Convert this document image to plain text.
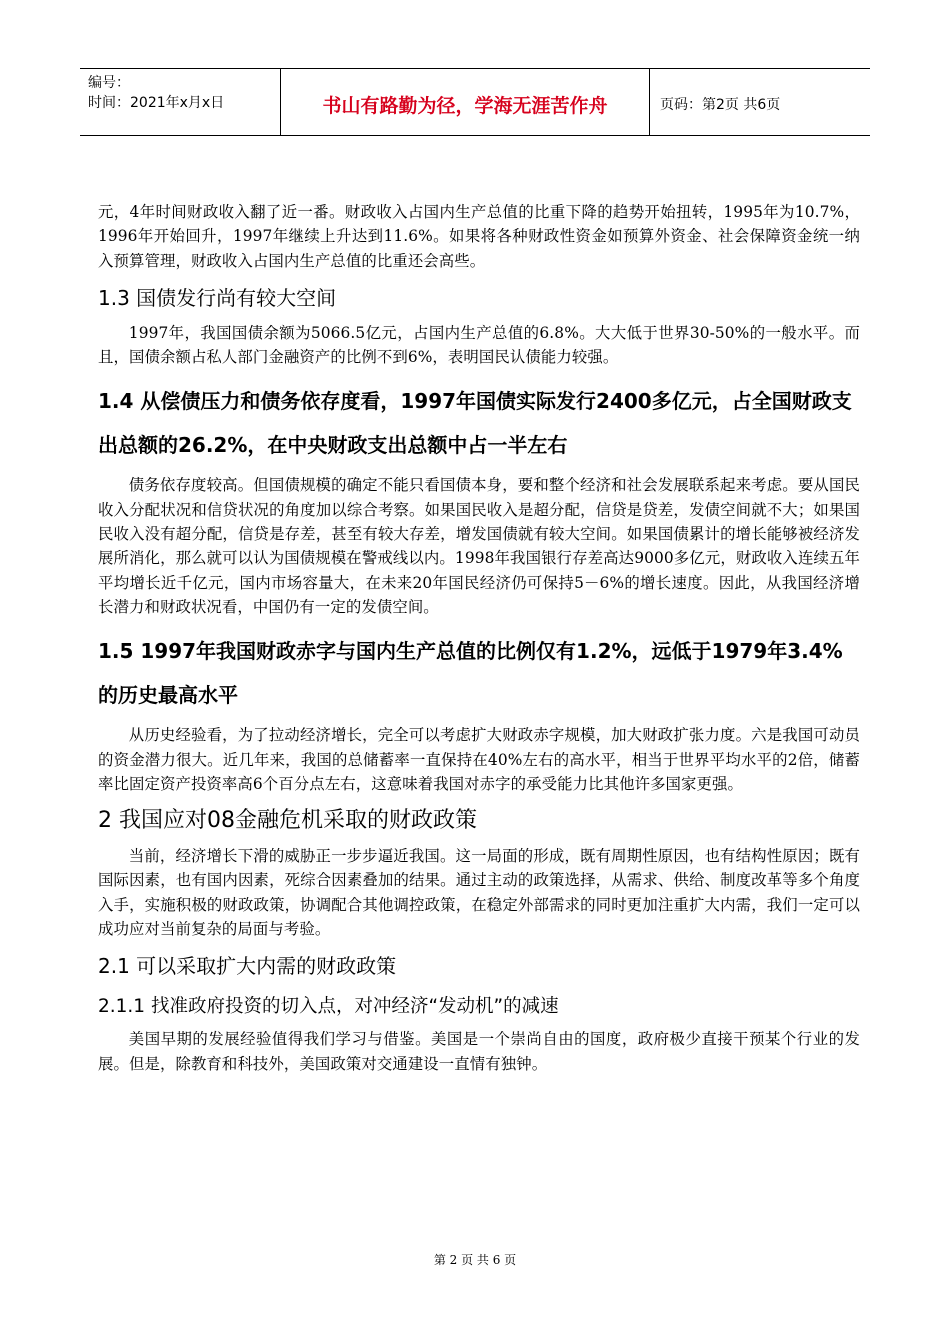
编号：
时间：2021年x月x日	书山有路勤为径，学海无涯苦作舟	页码：第2页 共6页

元，4年时间财政收入翻了近一番。财政收入占国内生产总值的比重下降的趋势开始扭转，1995年为10.7%，1996年开始回升，1997年继续上升达到11.6%。如果将各种财政性资金如预算外资金、社会保障资金统一纳入预算管理，财政收入占国内生产总值的比重还会高些。

1.3 国债发行尚有较大空间

1997年，我国国债余额为5066.5亿元，占国内生产总值的6.8%。大大低于世界30-50%的一般水平。而且，国债余额占私人部门金融资产的比例不到6%，表明国民认债能力较强。

1.4 从偿债压力和债务依存度看，1997年国债实际发行2400多亿元，占全国财政支出总额的26.2%，在中央财政支出总额中占一半左右

债务依存度较高。但国债规模的确定不能只看国债本身，要和整个经济和社会发展联系起来考虑。要从国民收入分配状况和信贷状况的角度加以综合考察。如果国民收入是超分配，信贷是贷差，发债空间就不大；如果国民收入没有超分配，信贷是存差，甚至有较大存差，增发国债就有较大空间。如果国债累计的增长能够被经济发展所消化，那么就可以认为国债规模在警戒线以内。1998年我国银行存差高达9000多亿元，财政收入连续五年平均增长近千亿元，国内市场容量大，在未来20年国民经济仍可保持5－6%的增长速度。因此，从我国经济增长潜力和财政状况看，中国仍有一定的发债空间。

1.5 1997年我国财政赤字与国内生产总值的比例仅有1.2%，远低于1979年3.4%的历史最高水平

从历史经验看，为了拉动经济增长，完全可以考虑扩大财政赤字规模，加大财政扩张力度。六是我国可动员的资金潜力很大。近几年来，我国的总储蓄率一直保持在40%左右的高水平，相当于世界平均水平的2倍，储蓄率比固定资产投资率高6个百分点左右，这意味着我国对赤字的承受能力比其他许多国家更强。

2 我国应对08金融危机采取的财政政策

当前，经济增长下滑的威胁正一步步逼近我国。这一局面的形成，既有周期性原因，也有结构性原因；既有国际因素，也有国内因素，死综合因素叠加的结果。通过主动的政策选择，从需求、供给、制度改革等多个角度入手，实施积极的财政政策，协调配合其他调控政策，在稳定外部需求的同时更加注重扩大内需，我们一定可以成功应对当前复杂的局面与考验。

2.1 可以采取扩大内需的财政政策
2.1.1 找准政府投资的切入点，对冲经济“发动机”的减速

美国早期的发展经验值得我们学习与借鉴。美国是一个崇尚自由的国度，政府极少直接干预某个行业的发展。但是，除教育和科技外，美国政策对交通建设一直情有独钟。

第 2 页 共 6 页
